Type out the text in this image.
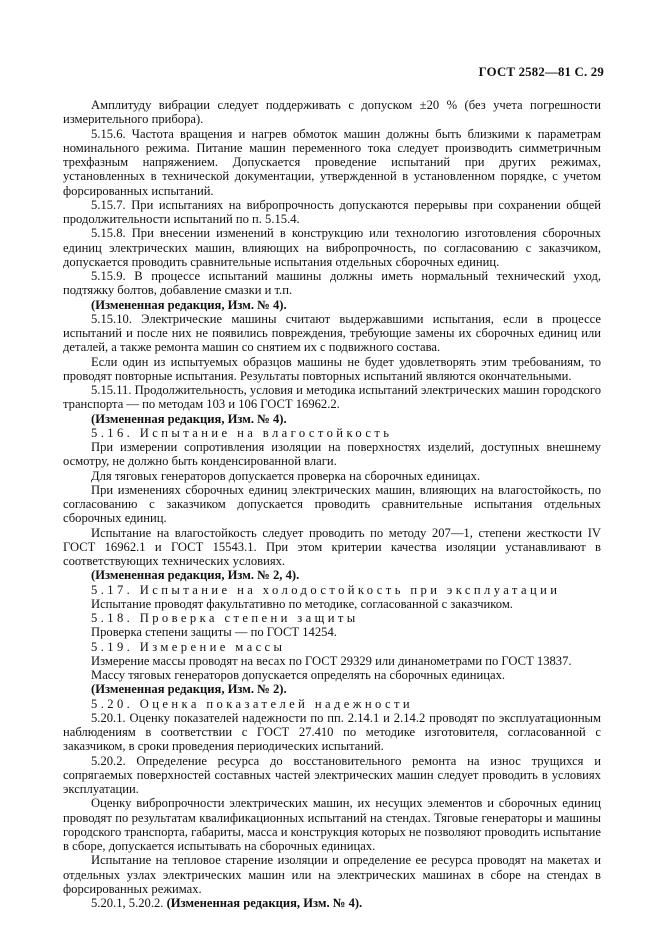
ГОСТ 2582—81 С. 29

Амплитуду вибрации следует поддерживать с допуском ±20 % (без учета погрешности измерительного прибора).

5.15.6. Частота вращения и нагрев обмоток машин должны быть близкими к параметрам номинального режима. Питание машин переменного тока следует производить симметричным трехфазным напряжением. Допускается проведение испытаний при других режимах, установленных в технической документации, утвержденной в установленном порядке, с учетом форсированных испытаний.

5.15.7. При испытаниях на вибропрочность допускаются перерывы при сохранении общей продолжительности испытаний по п. 5.15.4.

5.15.8. При внесении изменений в конструкцию или технологию изготовления сборочных единиц электрических машин, влияющих на вибропрочность, по согласованию с заказчиком, допускается проводить сравнительные испытания отдельных сборочных единиц.

5.15.9. В процессе испытаний машины должны иметь нормальный технический уход, подтяжку болтов, добавление смазки и т.п.

(Измененная редакция, Изм. № 4).

5.15.10. Электрические машины считают выдержавшими испытания, если в процессе испытаний и после них не появились повреждения, требующие замены их сборочных единиц или деталей, а также ремонта машин со снятием их с подвижного состава.

Если один из испытуемых образцов машины не будет удовлетворять этим требованиям, то проводят повторные испытания. Результаты повторных испытаний являются окончательными.

5.15.11. Продолжительность, условия и методика испытаний электрических машин городского транспорта — по методам 103 и 106 ГОСТ 16962.2.

(Измененная редакция, Изм. № 4).

5.16. Испытание на влагостойкость

При измерении сопротивления изоляции на поверхностях изделий, доступных внешнему осмотру, не должно быть конденсированной влаги.

Для тяговых генераторов допускается проверка на сборочных единицах.

При изменениях сборочных единиц электрических машин, влияющих на влагостойкость, по согласованию с заказчиком допускается проводить сравнительные испытания отдельных сборочных единиц.

Испытание на влагостойкость следует проводить по методу 207—1, степени жесткости IV ГОСТ 16962.1 и ГОСТ 15543.1. При этом критерии качества изоляции устанавливают в соответствующих технических условиях.

(Измененная редакция, Изм. № 2, 4).

5.17. Испытание на холодостойкость при эксплуатации

Испытание проводят факультативно по методике, согласованной с заказчиком.

5.18. Проверка степени защиты

Проверка степени защиты — по ГОСТ 14254.

5.19. Измерение массы

Измерение массы проводят на весах по ГОСТ 29329 или динанометрами по ГОСТ 13837.

Массу тяговых генераторов допускается определять на сборочных единицах.

(Измененная редакция, Изм. № 2).

5.20. Оценка показателей надежности

5.20.1. Оценку показателей надежности по пп. 2.14.1 и 2.14.2 проводят по эксплуатационным наблюдениям в соответствии с ГОСТ 27.410 по методике изготовителя, согласованной с заказчиком, в сроки проведения периодических испытаний.

5.20.2. Определение ресурса до восстановительного ремонта на износ трущихся и сопрягаемых поверхностей составных частей электрических машин следует проводить в условиях эксплуатации.

Оценку вибропрочности электрических машин, их несущих элементов и сборочных единиц проводят по результатам квалификационных испытаний на стендах. Тяговые генераторы и машины городского транспорта, габариты, масса и конструкция которых не позволяют проводить испытание в сборе, допускается испытывать на сборочных единицах.

Испытание на тепловое старение изоляции и определение ее ресурса проводят на макетах и отдельных узлах электрических машин или на электрических машинах в сборе на стендах в форсированных режимах.

5.20.1, 5.20.2. (Измененная редакция, Изм. № 4).
